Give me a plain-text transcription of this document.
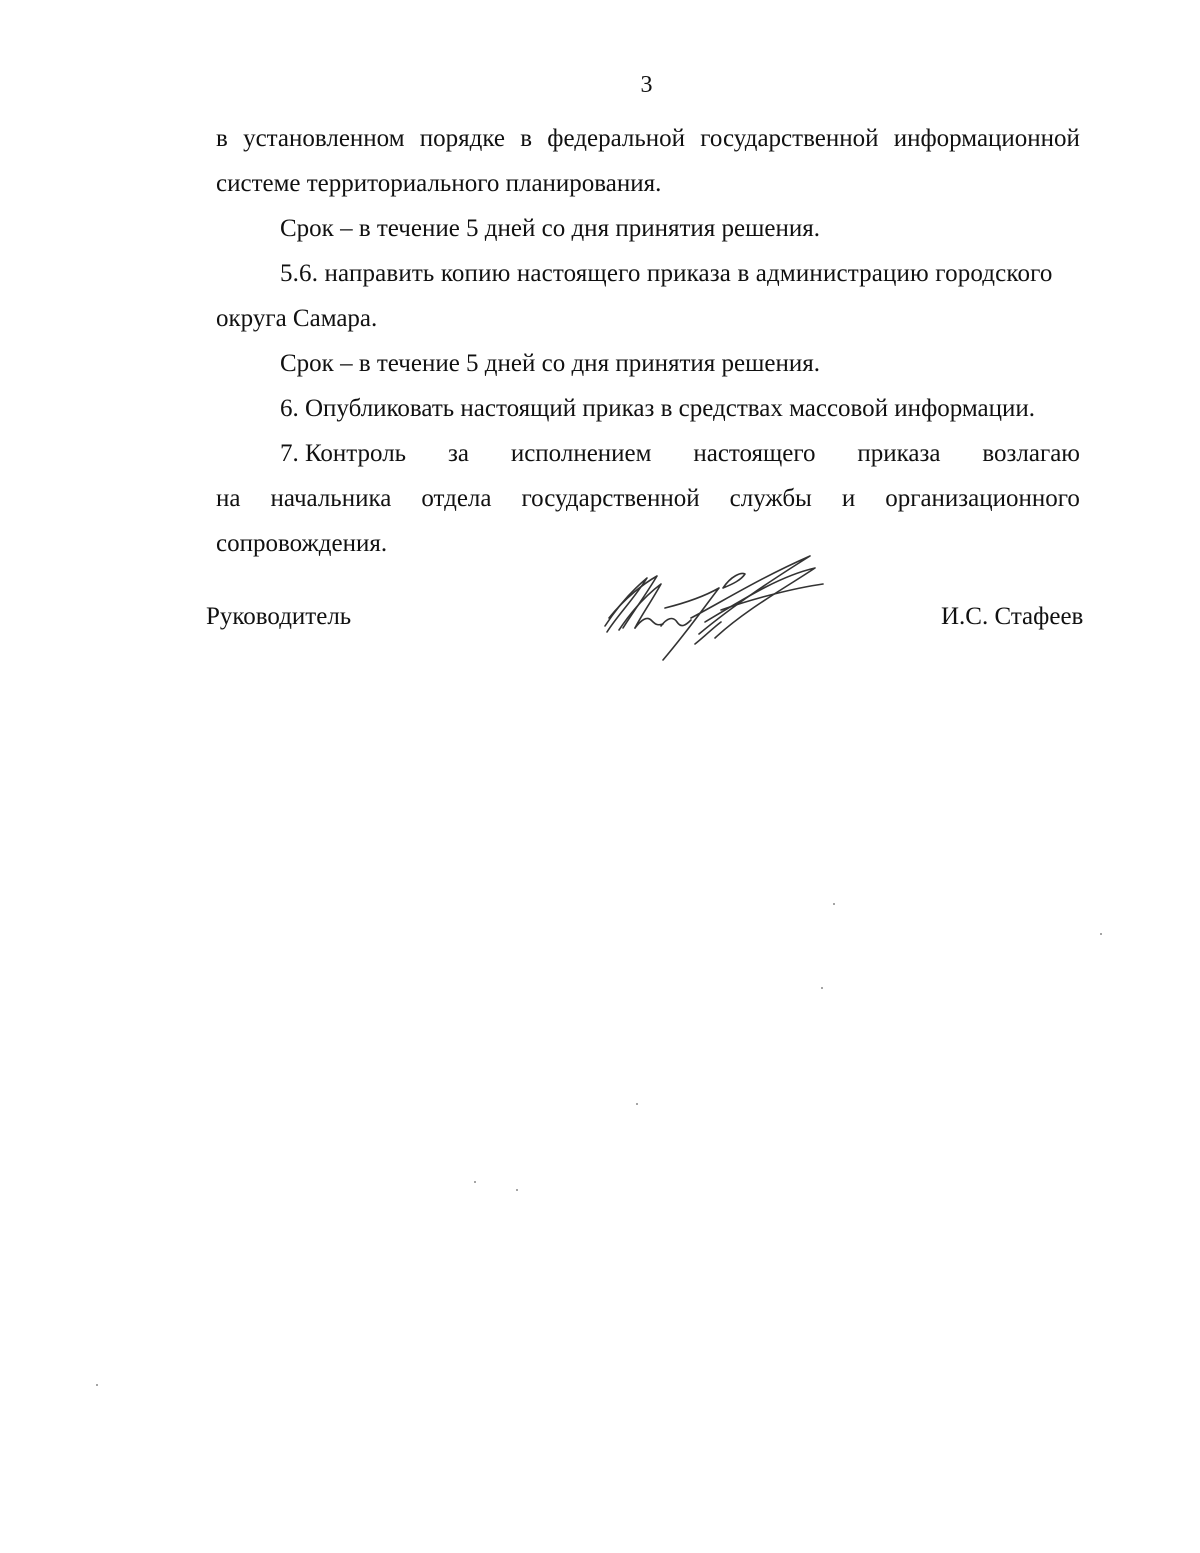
3
в установленном порядке в федеральной государственной информационной
системе территориального планирования.
Срок – в течение 5 дней со дня принятия решения.
5.6. направить копию настоящего приказа в администрацию городского
округа Самара.
Срок – в течение 5 дней со дня принятия решения.
6. Опубликовать настоящий приказ в средствах массовой информации.
7. Контроль за исполнением настоящего приказа возлагаю
на начальника отдела государственной службы и организационного
сопровождения.
Руководитель	И.С. Стафеев
